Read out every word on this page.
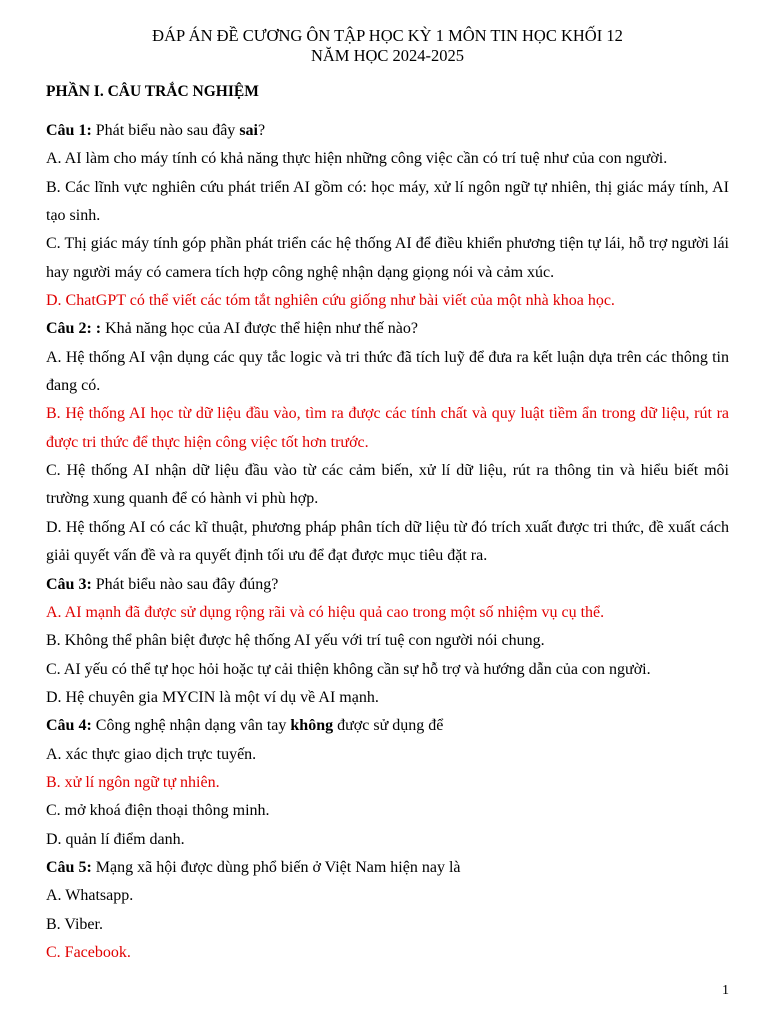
ĐÁP ÁN ĐỀ CƯƠNG ÔN TẬP HỌC KỲ 1 MÔN TIN HỌC KHỐI 12
NĂM HỌC 2024-2025
PHẦN I. CÂU TRẮC NGHIỆM

Câu 1: Phát biểu nào sau đây sai?

A. AI làm cho máy tính có khả năng thực hiện những công việc cần có trí tuệ như của con người.

B. Các lĩnh vực nghiên cứu phát triển AI gồm có: học máy, xử lí ngôn ngữ tự nhiên, thị giác máy tính, AI tạo sinh.

C. Thị giác máy tính góp phần phát triển các hệ thống AI để điều khiển phương tiện tự lái, hỗ trợ người lái hay người máy có camera tích hợp công nghệ nhận dạng giọng nói và cảm xúc.

D. ChatGPT có thể viết các tóm tắt nghiên cứu giống như bài viết của một nhà khoa học.

Câu 2: : Khả năng học của AI được thể hiện như thế nào?

A. Hệ thống AI vận dụng các quy tắc logic và tri thức đã tích luỹ để đưa ra kết luận dựa trên các thông tin đang có.

B. Hệ thống AI học từ dữ liệu đầu vào, tìm ra được các tính chất và quy luật tiềm ẩn trong dữ liệu, rút ra được tri thức để thực hiện công việc tốt hơn trước.

C. Hệ thống AI nhận dữ liệu đầu vào từ các cảm biến, xử lí dữ liệu, rút ra thông tin và hiểu biết môi trường xung quanh để có hành vi phù hợp.

D. Hệ thống AI có các kĩ thuật, phương pháp phân tích dữ liệu từ đó trích xuất được tri thức, đề xuất cách giải quyết vấn đề và ra quyết định tối ưu để đạt được mục tiêu đặt ra.

Câu 3: Phát biểu nào sau đây đúng?

A. AI mạnh đã được sử dụng rộng rãi và có hiệu quả cao trong một số nhiệm vụ cụ thể.

B. Không thể phân biệt được hệ thống AI yếu với trí tuệ con người nói chung.

C. AI yếu có thể tự học hỏi hoặc tự cải thiện không cần sự hỗ trợ và hướng dẫn của con người.

D. Hệ chuyên gia MYCIN là một ví dụ về AI mạnh.

Câu 4: Công nghệ nhận dạng vân tay không được sử dụng để

A. xác thực giao dịch trực tuyến.

B. xử lí ngôn ngữ tự nhiên.

C. mở khoá điện thoại thông minh.

D. quản lí điểm danh.

Câu 5: Mạng xã hội được dùng phổ biến ở Việt Nam hiện nay là

A. Whatsapp.

B. Viber.

C. Facebook.

1
